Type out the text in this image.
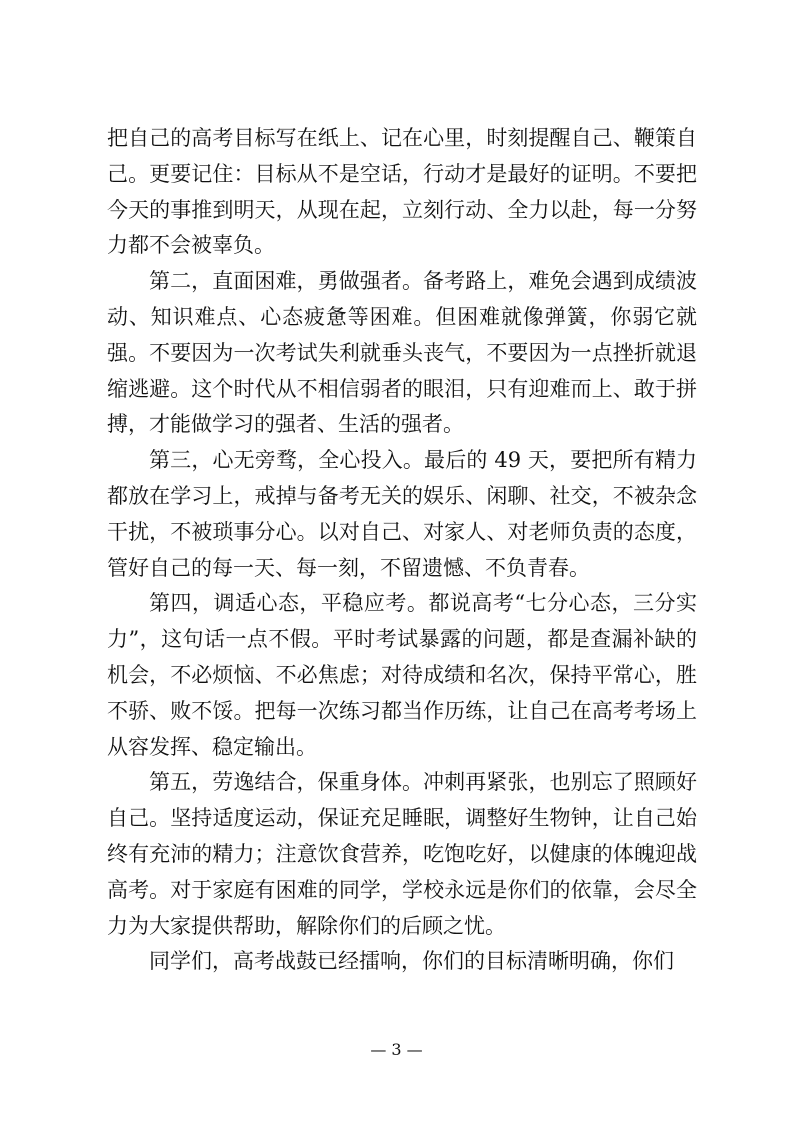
把自己的高考目标写在纸上、记在心里，时刻提醒自己、鞭策自己。更要记住：目标从不是空话，行动才是最好的证明。不要把今天的事推到明天，从现在起，立刻行动、全力以赴，每一分努力都不会被辜负。

第二，直面困难，勇做强者。备考路上，难免会遇到成绩波动、知识难点、心态疲惫等困难。但困难就像弹簧，你弱它就强。不要因为一次考试失利就垂头丧气，不要因为一点挫折就退缩逃避。这个时代从不相信弱者的眼泪，只有迎难而上、敢于拼搏，才能做学习的强者、生活的强者。

第三，心无旁骛，全心投入。最后的 49 天，要把所有精力都放在学习上，戒掉与备考无关的娱乐、闲聊、社交，不被杂念干扰，不被琐事分心。以对自己、对家人、对老师负责的态度，管好自己的每一天、每一刻，不留遗憾、不负青春。

第四，调适心态，平稳应考。都说高考“七分心态，三分实力”，这句话一点不假。平时考试暴露的问题，都是查漏补缺的机会，不必烦恼、不必焦虑；对待成绩和名次，保持平常心，胜不骄、败不馁。把每一次练习都当作历练，让自己在高考考场上从容发挥、稳定输出。

第五，劳逸结合，保重身体。冲刺再紧张，也别忘了照顾好自己。坚持适度运动，保证充足睡眠，调整好生物钟，让自己始终有充沛的精力；注意饮食营养，吃饱吃好，以健康的体魄迎战高考。对于家庭有困难的同学，学校永远是你们的依靠，会尽全力为大家提供帮助，解除你们的后顾之忧。

同学们，高考战鼓已经擂响，你们的目标清晰明确，你们

— 3 —
